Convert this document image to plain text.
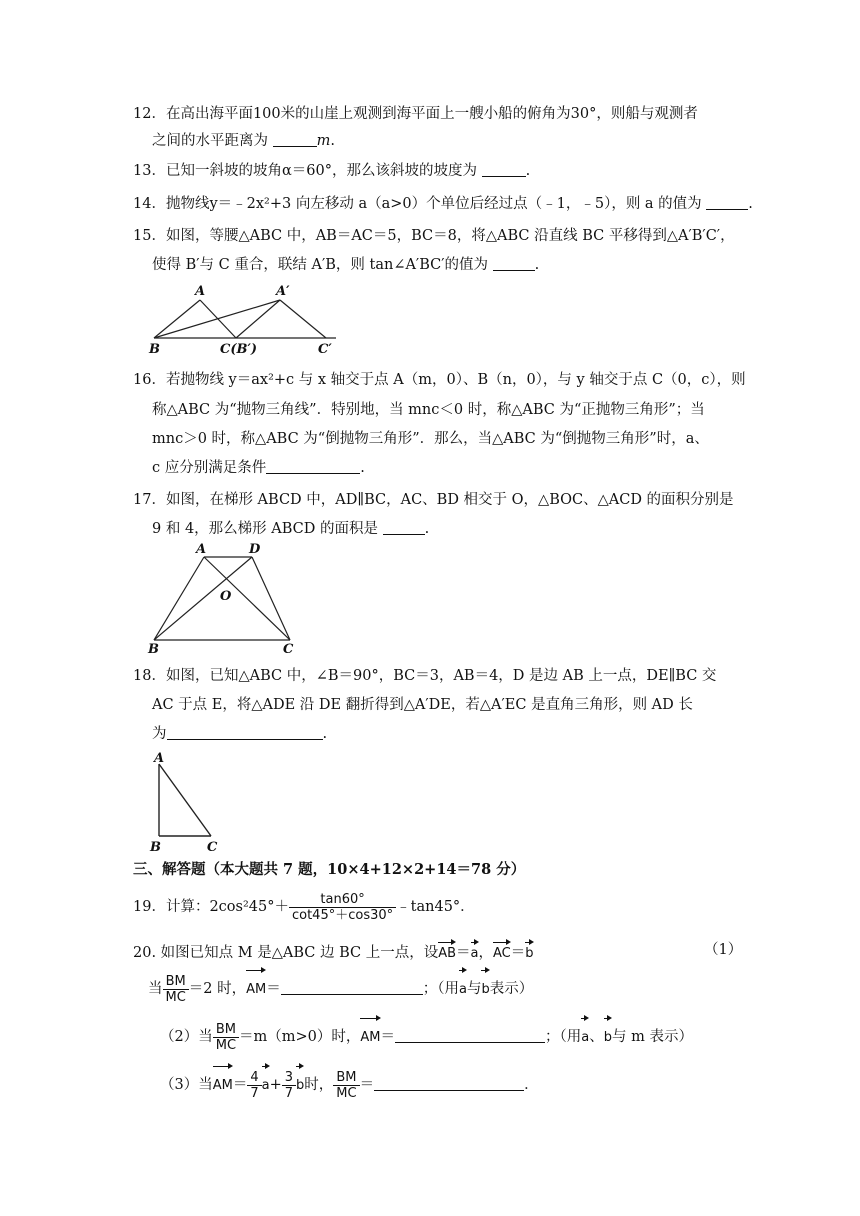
12．在高出海平面100米的山崖上观测到海平面上一艘小船的俯角为30°，则船与观测者
之间的水平距离为	m.
13．已知一斜坡的坡角α＝60°，那么该斜坡的坡度为	.
14．抛物线y＝﹣2x²+3 向左移动 a（a>0）个单位后经过点（﹣1，﹣5），则 a 的值为	.
15．如图，等腰△ABC 中，AB＝AC＝5，BC＝8，将△ABC 沿直线 BC 平移得到△A′B′C′，
使得 B′与 C 重合，联结 A′B，则 tan∠A′BC′的值为	.
A	A′
B	C(B′)	C′
16．若抛物线 y＝ax²+c 与 x 轴交于点 A（m，0）、B（n，0），与 y 轴交于点 C（0，c），则
称△ABC 为“抛物三角线”．特别地，当 mnc＜0 时，称△ABC 为“正抛物三角形”；当
mnc＞0 时，称△ABC 为“倒抛物三角形”．那么，当△ABC 为“倒抛物三角形”时，a、
c 应分别满足条件	.
17．如图，在梯形 ABCD 中，AD∥BC，AC、BD 相交于 O，△BOC、△ACD 的面积分别是
9 和 4，那么梯形 ABCD 的面积是	.
A	D
O
B	C
18．如图，已知△ABC 中，∠B＝90°，BC＝3，AB＝4，D 是边 AB 上一点，DE∥BC 交
AC 于点 E，将△ADE 沿 DE 翻折得到△A′DE，若△A′EC 是直角三角形，则 AD 长
为	.
A
B	C
三、解答题（本大题共 7 题，10×4+12×2+14＝78 分）
19．计算：$2\cos^245^\circ+ \frac{\tan 60^\circ}{\cot 45^\circ+\cos 30^\circ}$ ﹣tan45°．
20. 如图已知点 M 是△ABC 边 BC 上一点，设AB＝a，AC＝b	（1）
当 $\frac{BM}{MC} =2$ 时，AM＝	；（用a与b表示）
（2）当 $\frac{BM}{MC} =m(m>0)$时，AM＝	；（用a、b与 m 表示）
（3）当$AM= \frac{4}{7} a+ \frac{3}{7}$ b时， $\frac{BM}{MC}$ ＝	．
